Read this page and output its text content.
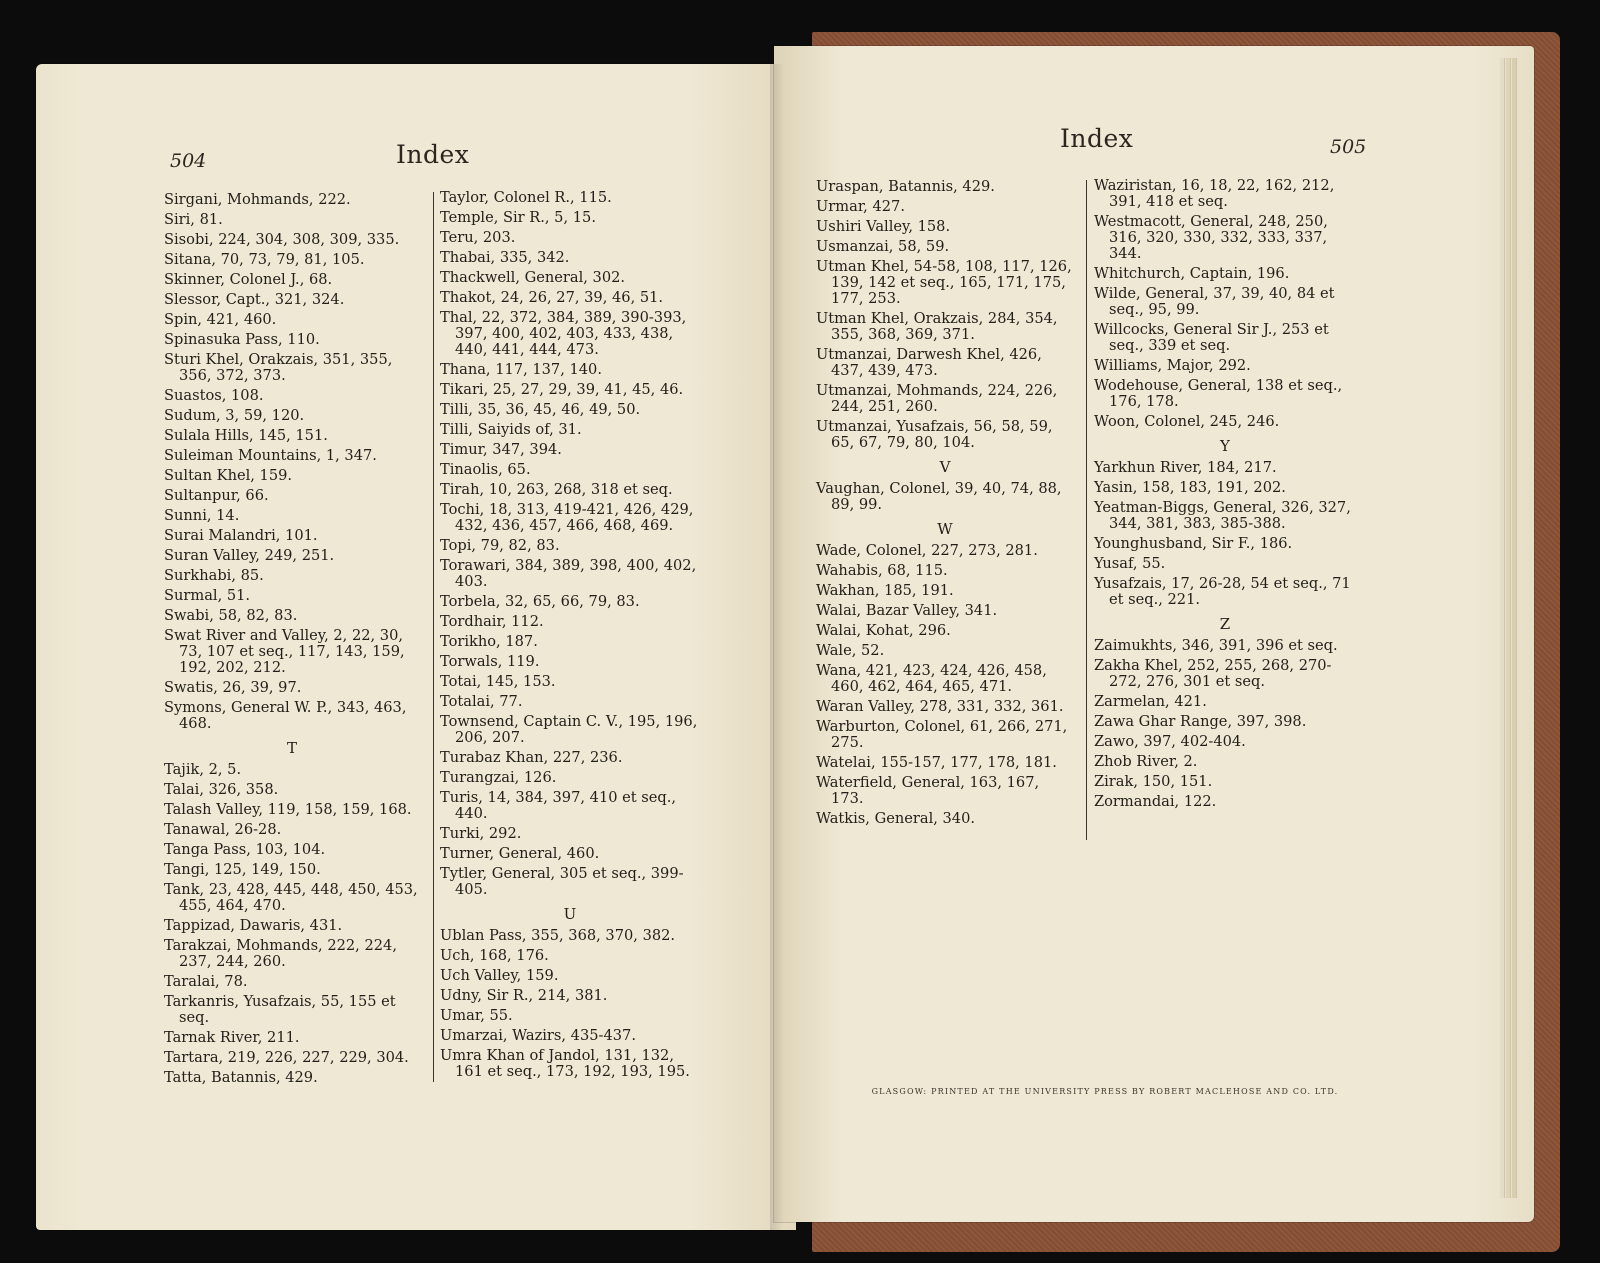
504	Index
Sirgani, Mohmands, 222.
Siri, 81.
Sisobi, 224, 304, 308, 309, 335.
Sitana, 70, 73, 79, 81, 105.
Skinner, Colonel J., 68.
Slessor, Capt., 321, 324.
Spin, 421, 460.
Spinasuka Pass, 110.
Sturi Khel, Orakzais, 351, 355, 356, 372, 373.
Suastos, 108.
Sudum, 3, 59, 120.
Sulala Hills, 145, 151.
Suleiman Mountains, 1, 347.
Sultan Khel, 159.
Sultanpur, 66.
Sunni, 14.
Surai Malandri, 101.
Suran Valley, 249, 251.
Surkhabi, 85.
Surmal, 51.
Swabi, 58, 82, 83.
Swat River and Valley, 2, 22, 30, 73, 107 et seq., 117, 143, 159, 192, 202, 212.
Swatis, 26, 39, 97.
Symons, General W. P., 343, 463, 468.
T
Tajik, 2, 5.
Talai, 326, 358.
Talash Valley, 119, 158, 159, 168.
Tanawal, 26-28.
Tanga Pass, 103, 104.
Tangi, 125, 149, 150.
Tank, 23, 428, 445, 448, 450, 453, 455, 464, 470.
Tappizad, Dawaris, 431.
Tarakzai, Mohmands, 222, 224, 237, 244, 260.
Taralai, 78.
Tarkanris, Yusafzais, 55, 155 et seq.
Tarnak River, 211.
Tartara, 219, 226, 227, 229, 304.
Tatta, Batannis, 429.
Taylor, Colonel R., 115.
Temple, Sir R., 5, 15.
Teru, 203.
Thabai, 335, 342.
Thackwell, General, 302.
Thakot, 24, 26, 27, 39, 46, 51.
Thal, 22, 372, 384, 389, 390-393, 397, 400, 402, 403, 433, 438, 440, 441, 444, 473.
Thana, 117, 137, 140.
Tikari, 25, 27, 29, 39, 41, 45, 46.
Tilli, 35, 36, 45, 46, 49, 50.
Tilli, Saiyids of, 31.
Timur, 347, 394.
Tinaolis, 65.
Tirah, 10, 263, 268, 318 et seq.
Tochi, 18, 313, 419-421, 426, 429, 432, 436, 457, 466, 468, 469.
Topi, 79, 82, 83.
Torawari, 384, 389, 398, 400, 402, 403.
Torbela, 32, 65, 66, 79, 83.
Tordhair, 112.
Torikho, 187.
Torwals, 119.
Totai, 145, 153.
Totalai, 77.
Townsend, Captain C. V., 195, 196, 206, 207.
Turabaz Khan, 227, 236.
Turangzai, 126.
Turis, 14, 384, 397, 410 et seq., 440.
Turki, 292.
Turner, General, 460.
Tytler, General, 305 et seq., 399-405.
U
Ublan Pass, 355, 368, 370, 382.
Uch, 168, 176.
Uch Valley, 159.
Udny, Sir R., 214, 381.
Umar, 55.
Umarzai, Wazirs, 435-437.
Umra Khan of Jandol, 131, 132, 161 et seq., 173, 192, 193, 195.
Index	505
Uraspan, Batannis, 429.
Urmar, 427.
Ushiri Valley, 158.
Usmanzai, 58, 59.
Utman Khel, 54-58, 108, 117, 126, 139, 142 et seq., 165, 171, 175, 177, 253.
Utman Khel, Orakzais, 284, 354, 355, 368, 369, 371.
Utmanzai, Darwesh Khel, 426, 437, 439, 473.
Utmanzai, Mohmands, 224, 226, 244, 251, 260.
Utmanzai, Yusafzais, 56, 58, 59, 65, 67, 79, 80, 104.
V
Vaughan, Colonel, 39, 40, 74, 88, 89, 99.
W
Wade, Colonel, 227, 273, 281.
Wahabis, 68, 115.
Wakhan, 185, 191.
Walai, Bazar Valley, 341.
Walai, Kohat, 296.
Wale, 52.
Wana, 421, 423, 424, 426, 458, 460, 462, 464, 465, 471.
Waran Valley, 278, 331, 332, 361.
Warburton, Colonel, 61, 266, 271, 275.
Watelai, 155-157, 177, 178, 181.
Waterfield, General, 163, 167, 173.
Watkis, General, 340.
Waziristan, 16, 18, 22, 162, 212, 391, 418 et seq.
Westmacott, General, 248, 250, 316, 320, 330, 332, 333, 337, 344.
Whitchurch, Captain, 196.
Wilde, General, 37, 39, 40, 84 et seq., 95, 99.
Willcocks, General Sir J., 253 et seq., 339 et seq.
Williams, Major, 292.
Wodehouse, General, 138 et seq., 176, 178.
Woon, Colonel, 245, 246.
Y
Yarkhun River, 184, 217.
Yasin, 158, 183, 191, 202.
Yeatman-Biggs, General, 326, 327, 344, 381, 383, 385-388.
Younghusband, Sir F., 186.
Yusaf, 55.
Yusafzais, 17, 26-28, 54 et seq., 71 et seq., 221.
Z
Zaimukhts, 346, 391, 396 et seq.
Zakha Khel, 252, 255, 268, 270-272, 276, 301 et seq.
Zarmelan, 421.
Zawa Ghar Range, 397, 398.
Zawo, 397, 402-404.
Zhob River, 2.
Zirak, 150, 151.
Zormandai, 122.
GLASGOW: PRINTED AT THE UNIVERSITY PRESS BY ROBERT MACLEHOSE AND CO. LTD.
